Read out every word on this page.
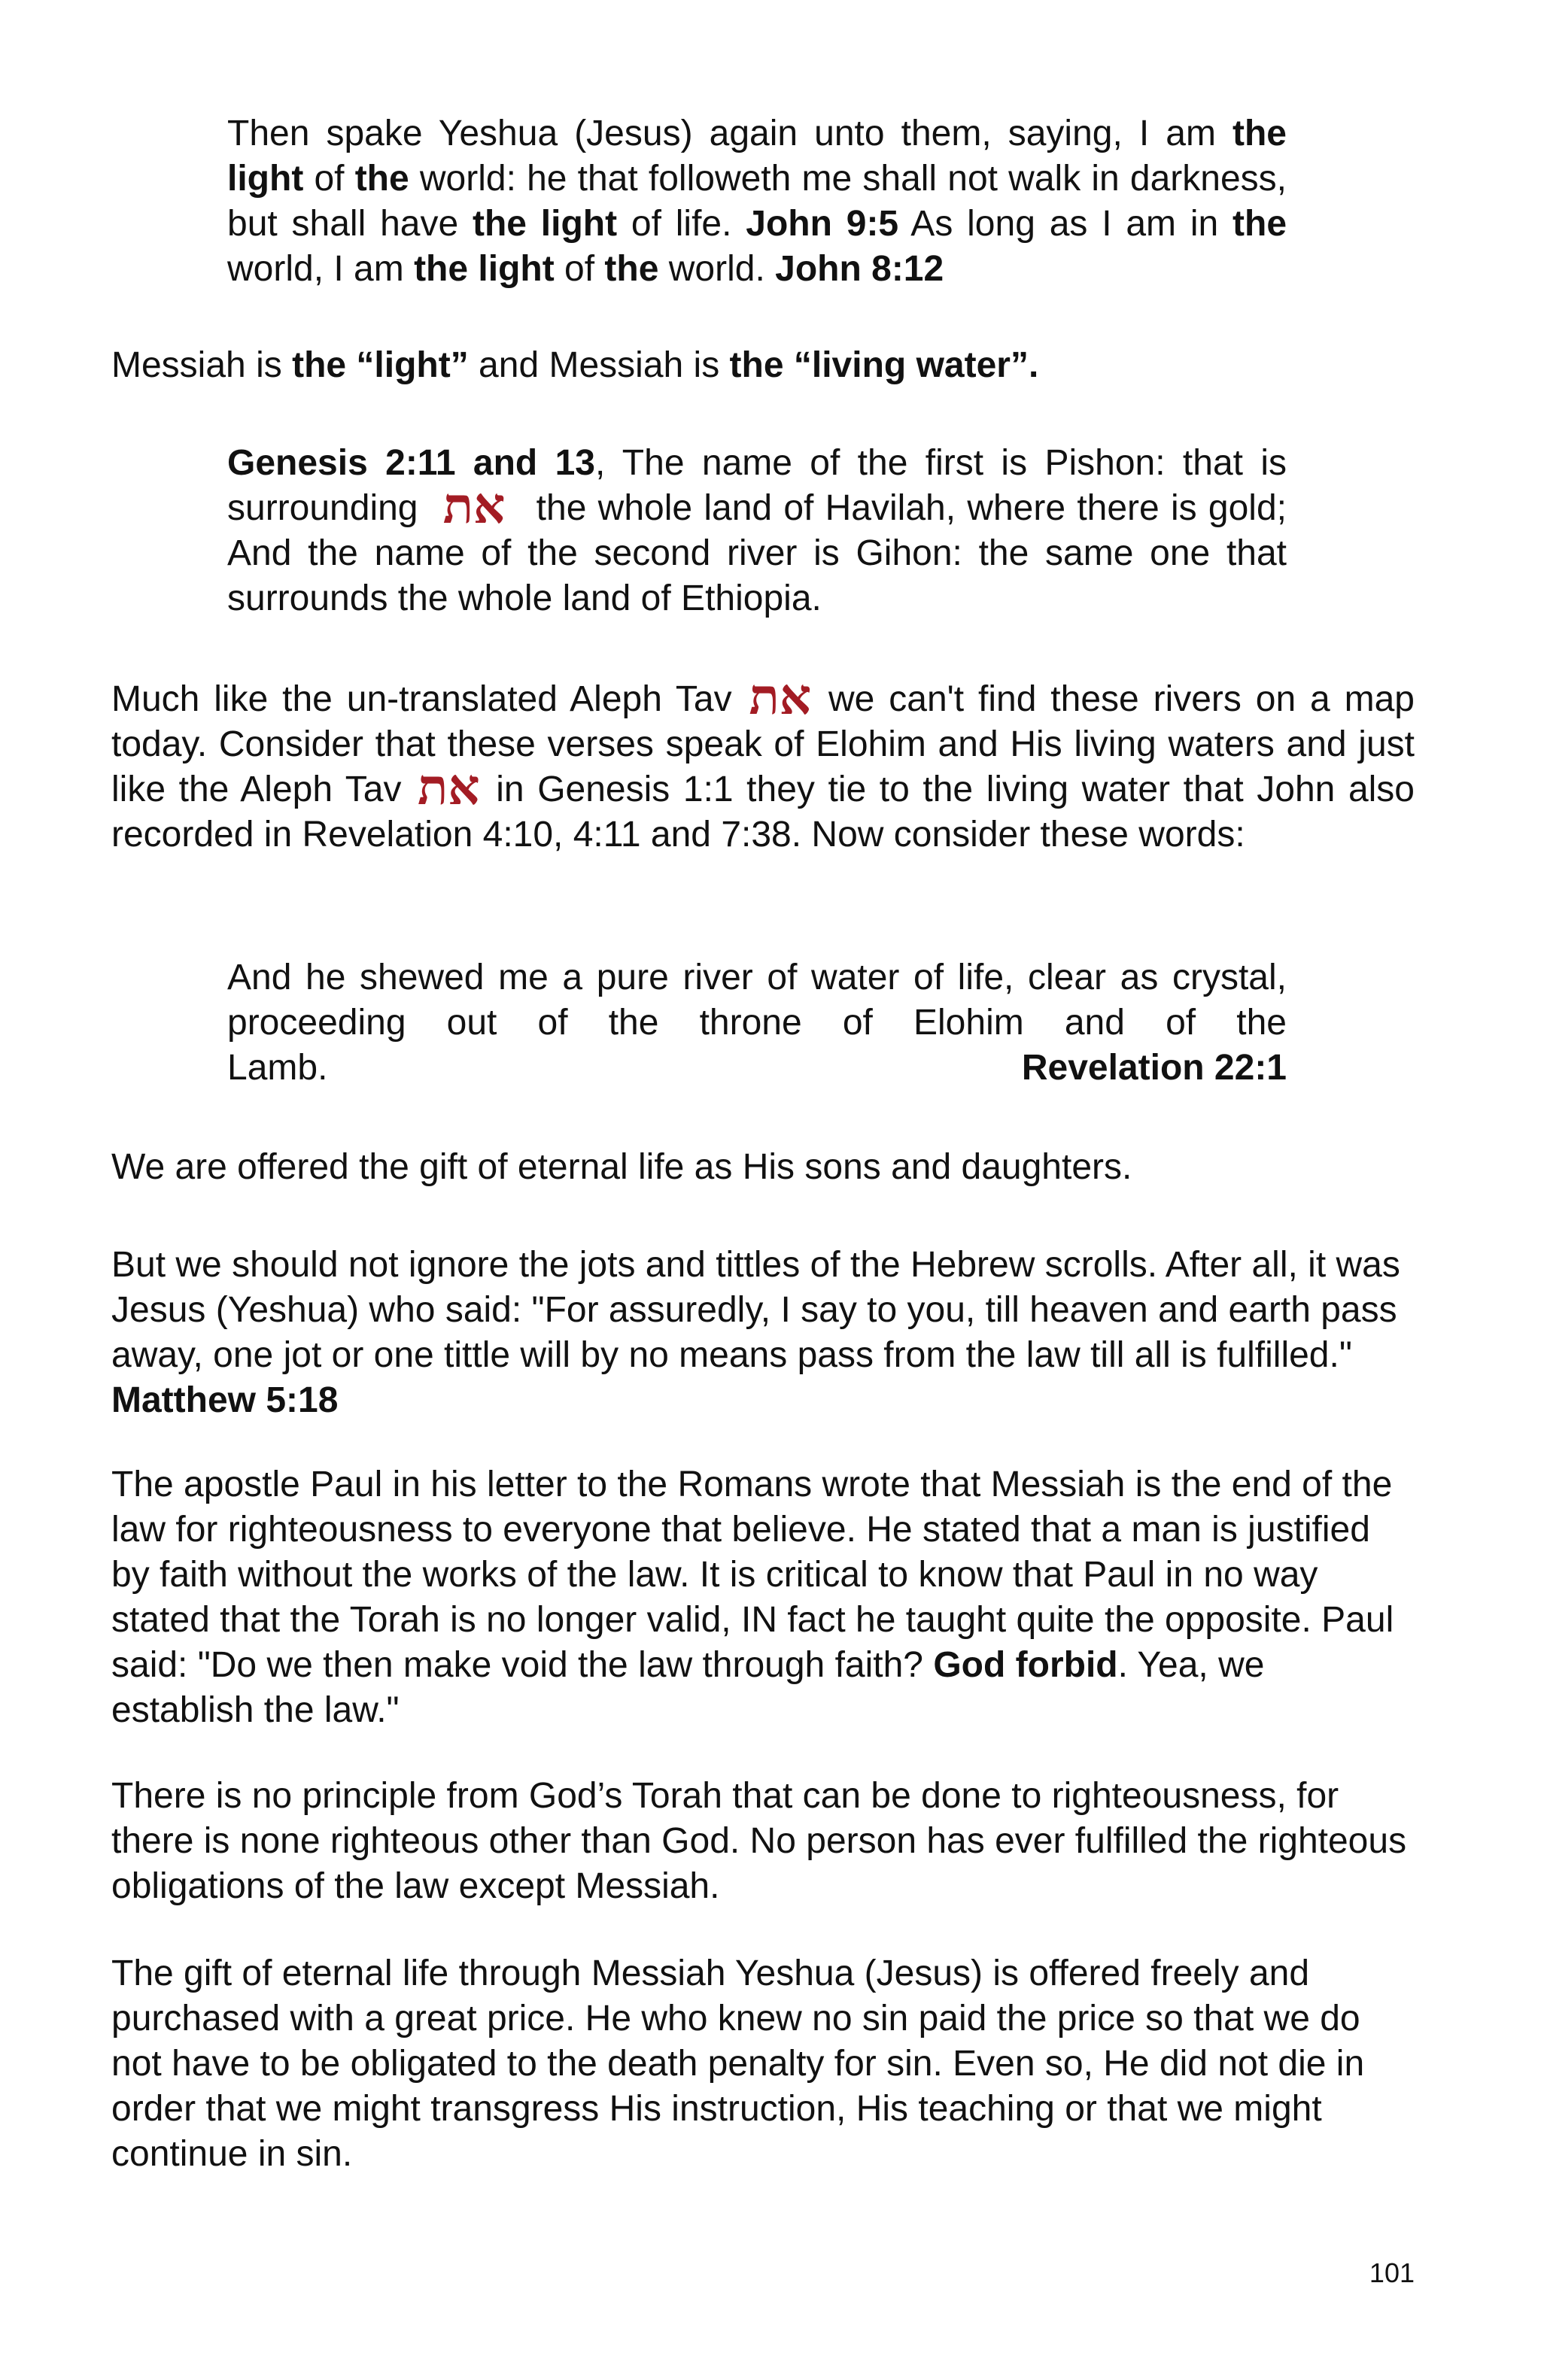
Then spake Yeshua (Jesus) again unto them, saying, I am the light of the world: he that followeth me shall not walk in darkness, but shall have the light of life. John 9:5 As long as I am in the world, I am the light of the world. John 8:12

Messiah is the “light” and Messiah is the “living water”.

Genesis 2:11 and 13, The name of the first is Pishon: that is surrounding את the whole land of Havilah, where there is gold; And the name of the second river is Gihon: the same one that surrounds the whole land of Ethiopia.

Much like the un-translated Aleph Tav את we can't find these rivers on a map today. Consider that these verses speak of Elohim and His living waters and just like the Aleph Tav את in Genesis 1:1 they tie to the living water that John also recorded in Revelation 4:10, 4:11 and 7:38. Now consider these words:

And he shewed me a pure river of water of life, clear as crystal, proceeding out of the throne of Elohim and of the
Lamb.	Revelation 22:1

We are offered the gift of eternal life as His sons and daughters.

But we should not ignore the jots and tittles of the Hebrew scrolls. After all, it was Jesus (Yeshua) who said: "For assuredly, I say to you, till heaven and earth pass away, one jot or one tittle will by no means pass from the law till all is fulfilled." Matthew 5:18

The apostle Paul in his letter to the Romans wrote that Messiah is the end of the law for righteousness to everyone that believe. He stated that a man is justified by faith without the works of the law. It is critical to know that Paul in no way stated that the Torah is no longer valid, IN fact he taught quite the opposite. Paul said: "Do we then make void the law through faith? God forbid. Yea, we establish the law."

There is no principle from God’s Torah that can be done to righteousness, for there is none righteous other than God. No person has ever fulfilled the righteous obligations of the law except Messiah.

The gift of eternal life through Messiah Yeshua (Jesus) is offered freely and purchased with a great price. He who knew no sin paid the price so that we do not have to be obligated to the death penalty for sin. Even so, He did not die in order that we might transgress His instruction, His teaching or that we might continue in sin.

101
